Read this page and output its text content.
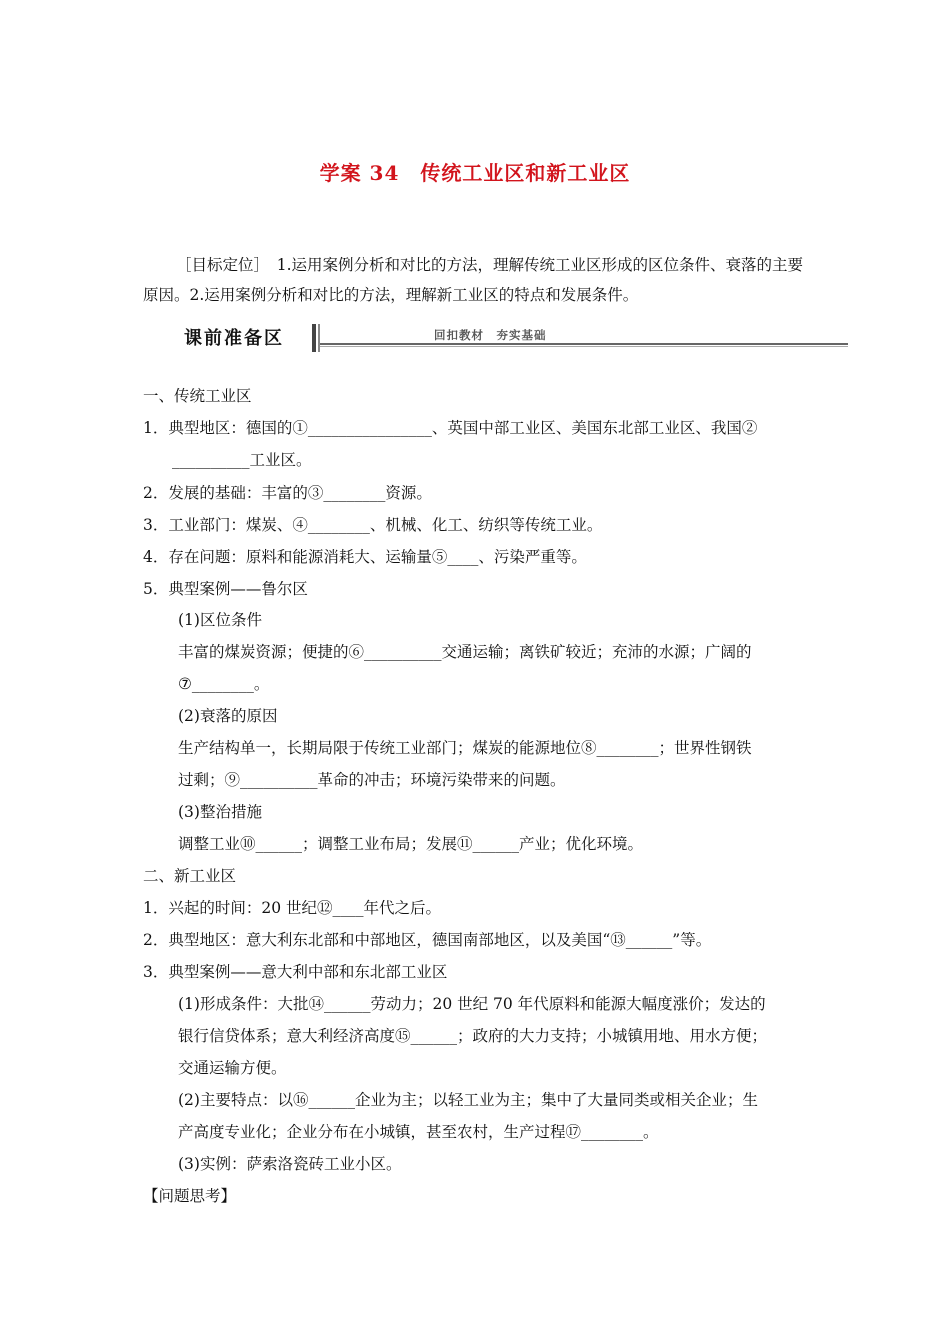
学案 34　传统工业区和新工业区
［目标定位］　1.运用案例分析和对比的方法，理解传统工业区形成的区位条件、衰落的主要原因。2.运用案例分析和对比的方法，理解新工业区的特点和发展条件。
课前准备区	回扣教材　夯实基础
一、传统工业区
1．典型地区：德国的①________________、英国中部工业区、美国东北部工业区、我国②
__________工业区。
2．发展的基础：丰富的③________资源。
3．工业部门：煤炭、④________、机械、化工、纺织等传统工业。
4．存在问题：原料和能源消耗大、运输量⑤____、污染严重等。
5．典型案例——鲁尔区
(1)区位条件
丰富的煤炭资源；便捷的⑥__________交通运输；离铁矿较近；充沛的水源；广阔的
⑦________。
(2)衰落的原因
生产结构单一，长期局限于传统工业部门；煤炭的能源地位⑧________；世界性钢铁
过剩；⑨__________革命的冲击；环境污染带来的问题。
(3)整治措施
调整工业⑩______；调整工业布局；发展⑪______产业；优化环境。
二、新工业区
1．兴起的时间：20 世纪⑫____年代之后。
2．典型地区：意大利东北部和中部地区，德国南部地区，以及美国“⑬______”等。
3．典型案例——意大利中部和东北部工业区
(1)形成条件：大批⑭______劳动力；20 世纪 70 年代原料和能源大幅度涨价；发达的
银行信贷体系；意大利经济高度⑮______；政府的大力支持；小城镇用地、用水方便；
交通运输方便。
(2)主要特点：以⑯______企业为主；以轻工业为主；集中了大量同类或相关企业；生
产高度专业化；企业分布在小城镇，甚至农村，生产过程⑰________。
(3)实例：萨索洛瓷砖工业小区。
【问题思考】
